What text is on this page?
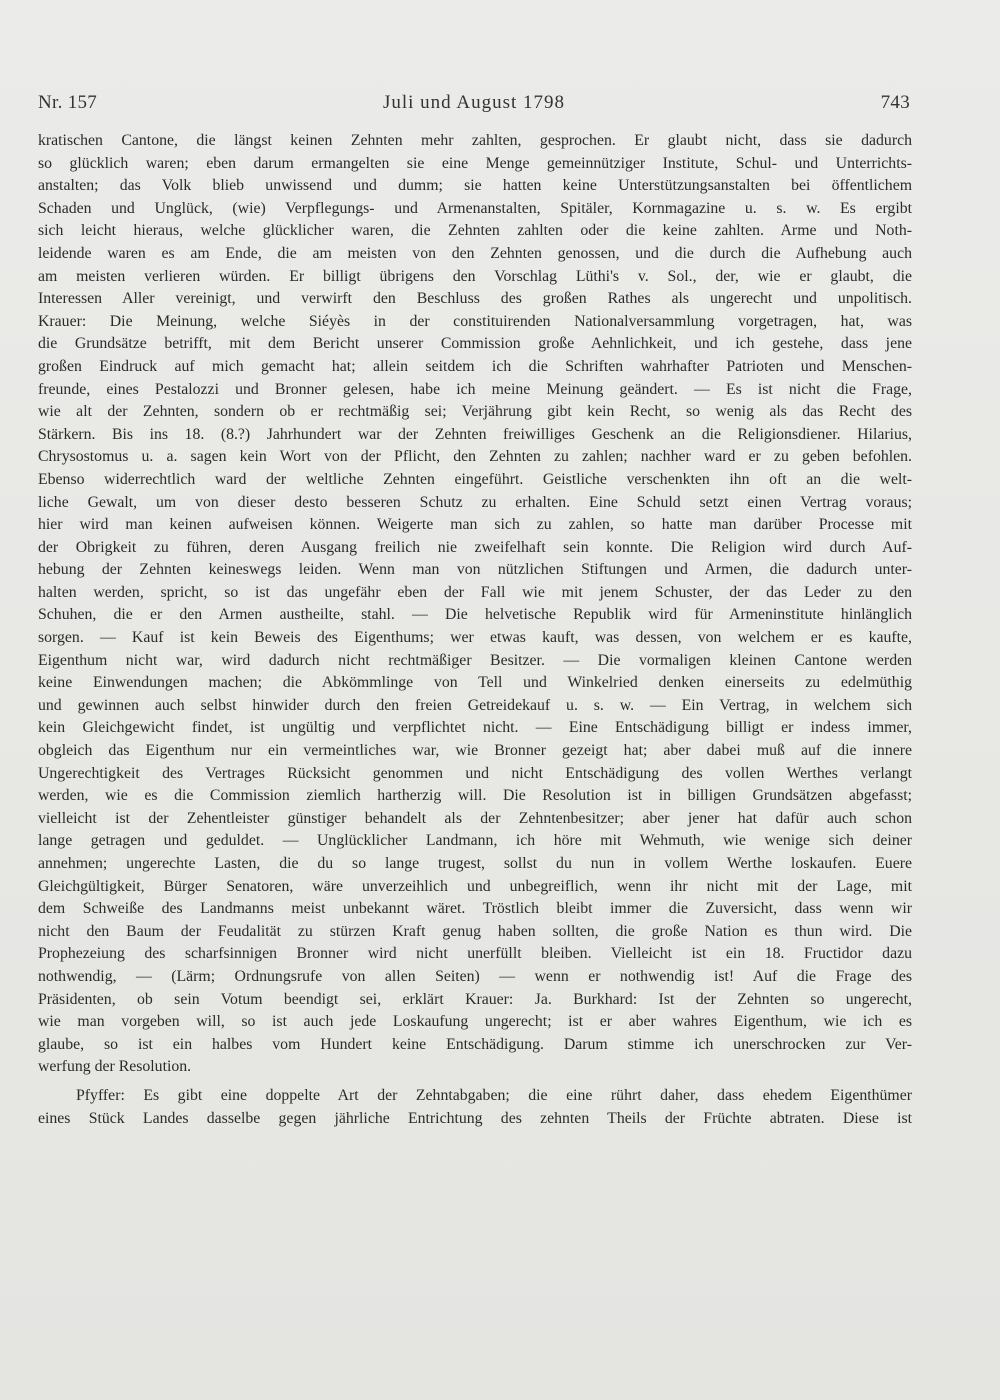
Nr. 157	Juli und August 1798	743
kratischen Cantone, die längst keinen Zehnten mehr zahlten, gesprochen. Er glaubt nicht, dass sie dadurch
so glücklich waren; eben darum ermangelten sie eine Menge gemeinnütziger Institute, Schul- und Unterrichts-
anstalten; das Volk blieb unwissend und dumm; sie hatten keine Unterstützungsanstalten bei öffentlichem
Schaden und Unglück, (wie) Verpflegungs- und Armenanstalten, Spitäler, Kornmagazine u. s. w. Es ergibt
sich leicht hieraus, welche glücklicher waren, die Zehnten zahlten oder die keine zahlten. Arme und Noth-
leidende waren es am Ende, die am meisten von den Zehnten genossen, und die durch die Aufhebung auch
am meisten verlieren würden. Er billigt übrigens den Vorschlag Lüthi's v. Sol., der, wie er glaubt, die
Interessen Aller vereinigt, und verwirft den Beschluss des großen Rathes als ungerecht und unpolitisch.
Krauer: Die Meinung, welche Siéyès in der constituirenden Nationalversammlung vorgetragen, hat, was
die Grundsätze betrifft, mit dem Bericht unserer Commission große Aehnlichkeit, und ich gestehe, dass jene
großen Eindruck auf mich gemacht hat; allein seitdem ich die Schriften wahrhafter Patrioten und Menschen-
freunde, eines Pestalozzi und Bronner gelesen, habe ich meine Meinung geändert. — Es ist nicht die Frage,
wie alt der Zehnten, sondern ob er rechtmäßig sei; Verjährung gibt kein Recht, so wenig als das Recht des
Stärkern. Bis ins 18. (8.?) Jahrhundert war der Zehnten freiwilliges Geschenk an die Religionsdiener. Hilarius,
Chrysostomus u. a. sagen kein Wort von der Pflicht, den Zehnten zu zahlen; nachher ward er zu geben befohlen.
Ebenso widerrechtlich ward der weltliche Zehnten eingeführt. Geistliche verschenkten ihn oft an die welt-
liche Gewalt, um von dieser desto besseren Schutz zu erhalten. Eine Schuld setzt einen Vertrag voraus;
hier wird man keinen aufweisen können. Weigerte man sich zu zahlen, so hatte man darüber Processe mit
der Obrigkeit zu führen, deren Ausgang freilich nie zweifelhaft sein konnte. Die Religion wird durch Auf-
hebung der Zehnten keineswegs leiden. Wenn man von nützlichen Stiftungen und Armen, die dadurch unter-
halten werden, spricht, so ist das ungefähr eben der Fall wie mit jenem Schuster, der das Leder zu den
Schuhen, die er den Armen austheilte, stahl. — Die helvetische Republik wird für Armeninstitute hinlänglich
sorgen. — Kauf ist kein Beweis des Eigenthums; wer etwas kauft, was dessen, von welchem er es kaufte,
Eigenthum nicht war, wird dadurch nicht rechtmäßiger Besitzer. — Die vormaligen kleinen Cantone werden
keine Einwendungen machen; die Abkömmlinge von Tell und Winkelried denken einerseits zu edelmüthig
und gewinnen auch selbst hinwider durch den freien Getreidekauf u. s. w. — Ein Vertrag, in welchem sich
kein Gleichgewicht findet, ist ungültig und verpflichtet nicht. — Eine Entschädigung billigt er indess immer,
obgleich das Eigenthum nur ein vermeintliches war, wie Bronner gezeigt hat; aber dabei muß auf die innere
Ungerechtigkeit des Vertrages Rücksicht genommen und nicht Entschädigung des vollen Werthes verlangt
werden, wie es die Commission ziemlich hartherzig will. Die Resolution ist in billigen Grundsätzen abgefasst;
vielleicht ist der Zehentleister günstiger behandelt als der Zehntenbesitzer; aber jener hat dafür auch schon
lange getragen und geduldet. — Unglücklicher Landmann, ich höre mit Wehmuth, wie wenige sich deiner
annehmen; ungerechte Lasten, die du so lange trugest, sollst du nun in vollem Werthe loskaufen. Euere
Gleichgültigkeit, Bürger Senatoren, wäre unverzeihlich und unbegreiflich, wenn ihr nicht mit der Lage, mit
dem Schweiße des Landmanns meist unbekannt wäret. Tröstlich bleibt immer die Zuversicht, dass wenn wir
nicht den Baum der Feudalität zu stürzen Kraft genug haben sollten, die große Nation es thun wird. Die
Prophezeiung des scharfsinnigen Bronner wird nicht unerfüllt bleiben. Vielleicht ist ein 18. Fructidor dazu
nothwendig, — (Lärm; Ordnungsrufe von allen Seiten) — wenn er nothwendig ist! Auf die Frage des
Präsidenten, ob sein Votum beendigt sei, erklärt Krauer: Ja. Burkhard: Ist der Zehnten so ungerecht,
wie man vorgeben will, so ist auch jede Loskaufung ungerecht; ist er aber wahres Eigenthum, wie ich es
glaube, so ist ein halbes vom Hundert keine Entschädigung. Darum stimme ich unerschrocken zur Ver-
werfung der Resolution.
Pfyffer: Es gibt eine doppelte Art der Zehntabgaben; die eine rührt daher, dass ehedem Eigenthümer
eines Stück Landes dasselbe gegen jährliche Entrichtung des zehnten Theils der Früchte abtraten. Diese ist
